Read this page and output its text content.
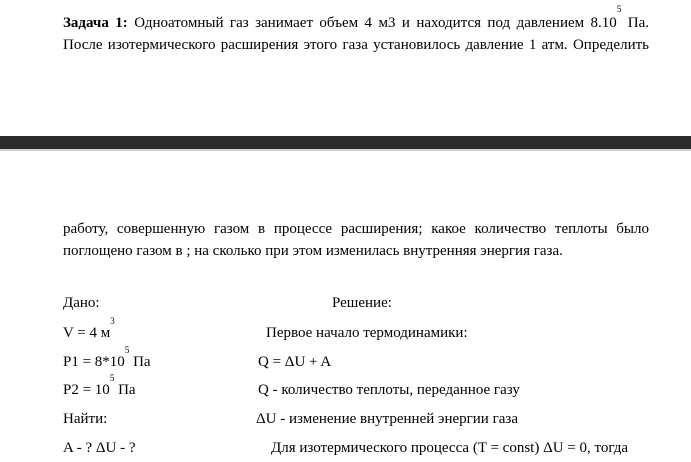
Задача 1: Одноатомный газ занимает объем 4 м3 и находится под давлением 8.10$^5$ Па.
После изотермического расширения этого газа установилось давление 1 атм. Определить
работу, совершенную газом в процессе расширения; какое количество теплоты было
поглощено газом в ; на сколько при этом изменилась внутренняя энергия газа.
Дано:
V = 4 $м^3$
$P1 = 8*10^5$ Па
$P2 = 10^5$ Па
Найти:
A - ? ΔU - ?
Решение:
Первое начало термодинамики:
Q = ΔU + A
Q - количество теплоты, переданное газу
ΔU - изменение внутренней энергии газа
Для изотермического процесса (T = const) ΔU = 0, тогда
